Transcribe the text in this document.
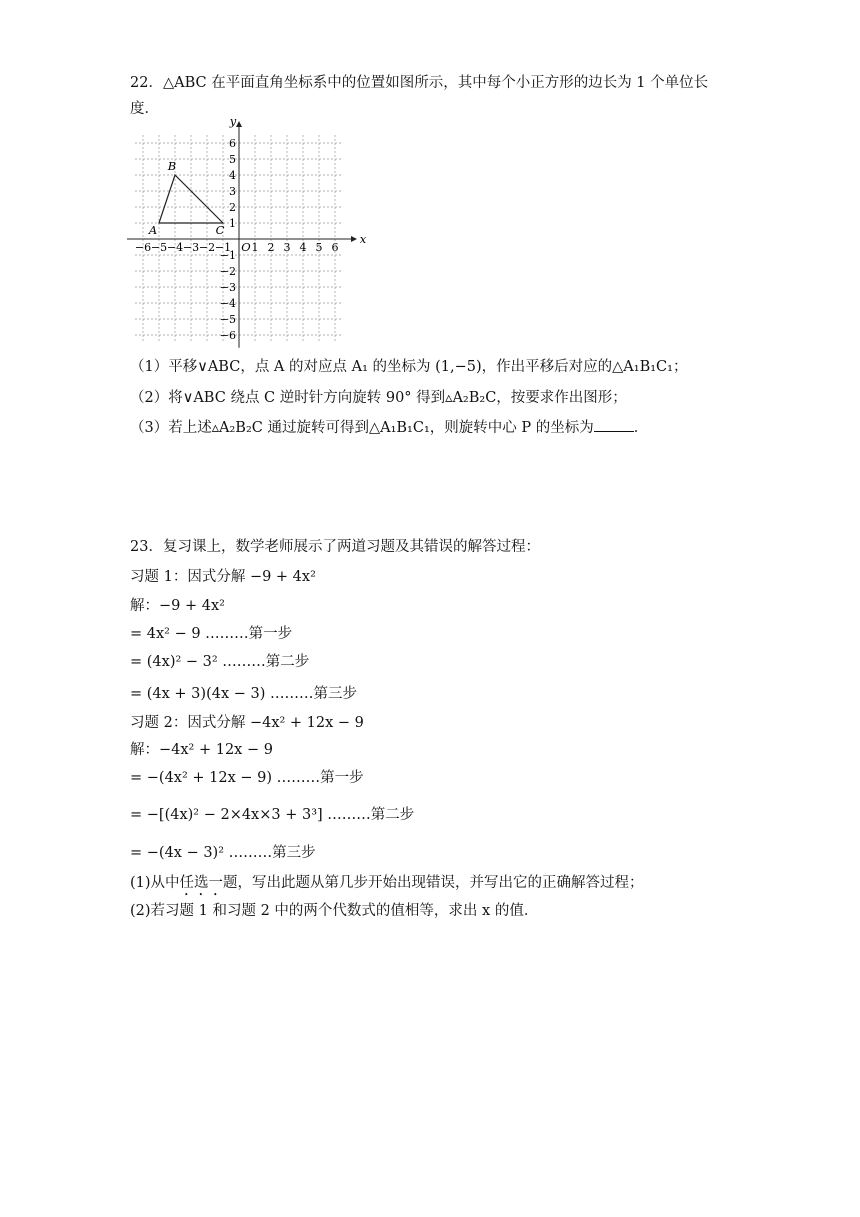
22．△ABC 在平面直角坐标系中的位置如图所示，其中每个小正方形的边长为 1 个单位长
度．
−6 −5 −4 −3 −2 −1 1 2 3 4 5 6
6
5
4
3
2
1
−1
−2
−3
−4
−5
−6
x
y
O
A
B
C
（1）平移∨ABC，点 A 的对应点 A₁ 的坐标为 (1,−5)，作出平移后对应的△A₁B₁C₁；
（2）将∨ABC 绕点 C 逆时针方向旋转 90° 得到▵A₂B₂C，按要求作出图形；
（3）若上述▵A₂B₂C 通过旋转可得到△A₁B₁C₁，则旋转中心 P 的坐标为	．
23．复习课上，数学老师展示了两道习题及其错误的解答过程：
习题 1：因式分解 −9 + 4x²
解：−9 + 4x²
= 4x² − 9 ………第一步
= (4x)² − 3² ………第二步
= (4x + 3)(4x − 3) ………第三步
习题 2：因式分解 −4x² + 12x − 9
解：−4x² + 12x − 9
= −(4x² + 12x − 9) ………第一步
= −[(4x)² − 2×4x×3 + 3³] ………第二步
= −(4x − 3)² ………第三步
(1)从中任选一题，写出此题从第几步开始出现错误，并写出它的正确解答过程；
(2)若习题 1 和习题 2 中的两个代数式的值相等，求出 x 的值．
